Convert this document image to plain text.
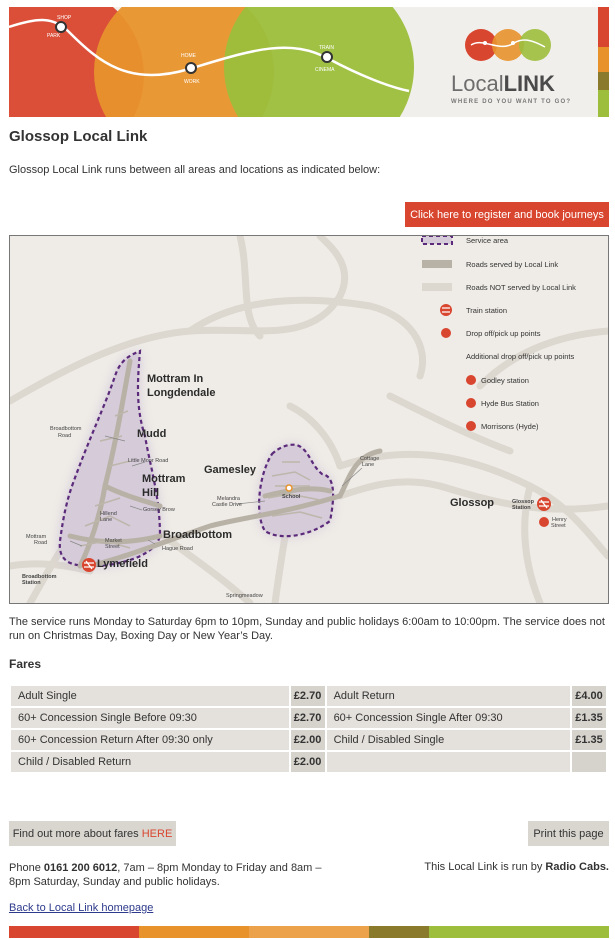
SHOP
PARK
HOME
WORK
TRAIN
CINEMA
LocalLINK
WHERE DO YOU WANT TO GO?
Glossop Local Link

Glossop Local Link runs between all areas and locations as indicated below:

Click here to register and book journeys
Service area
Roads served by Local Link
Roads NOT served by Local Link
Train station
Drop off/pick up points
Additional drop off/pick up points
Godley station
Hyde Bus Station
Morrisons (Hyde)
Mottram In
Longdendale
Mudd
Mottram
Hill
Broadbottom
Lymefield
Gamesley
Glossop
Broadbottom
Road
Little Moor Road
Hillend
Lane
Gorsey Brow
Mottram
Road	Market
Street	Hague Road
Broadbottom
Station
Springmeadow
Melandra
Castle Drive
School
Cottage
Lane
Glossop
Station
Henry
Street

The service runs Monday to Saturday 6pm to 10pm, Sunday and public holidays 6:00am to 10:00pm. The service does not run on Christmas Day, Boxing Day or New Year’s Day.

Fares
Adult Single	£2.70	Adult Return	£4.00
60+ Concession Single Before 09:30	£2.70	60+ Concession Single After 09:30	£1.35
60+ Concession Return After 09:30 only	£2.00	Child / Disabled Single	£1.35
Child / Disabled Return	£2.00		
Find out more about fares HERE	Print this page

Phone 0161 200 6012, 7am – 8pm Monday to Friday and 8am – 8pm Saturday, Sunday and public holidays.

This Local Link is run by Radio Cabs.

Back to Local Link homepage
